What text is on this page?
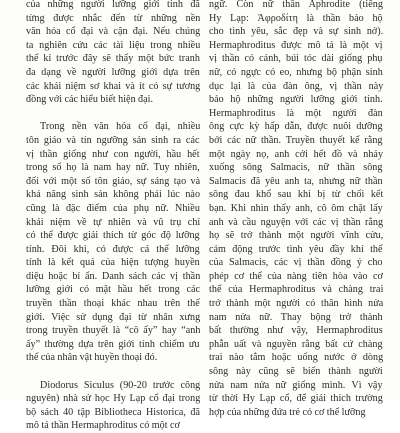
của những người lưỡng giới tính đã
từng được nhắc đến từ những nền
văn hóa cổ đại và cận đại. Nếu chúng
ta nghiên cứu các tài liệu trong nhiều
thế kỉ trước đây sẽ thấy một bức tranh
đa dạng về người lưỡng giới dựa trên
các khái niệm sơ khai và ít có sự tương
đồng với các hiểu biết hiện đại.

Trong nền văn hóa cổ đại, nhiều
tôn giáo và tín ngưỡng sản sinh ra các
vị thần giống như con người, hầu hết
trong số họ là nam hay nữ. Tuy nhiên,
đối với một số tôn giáo, sự sáng tạo và
khả năng sinh sản không phải lúc nào
cũng là đặc điểm của phụ nữ. Nhiều
khái niệm về tự nhiên và vũ trụ chỉ
có thể được giải thích từ góc độ lưỡng
tính. Đôi khi, có được cả thể lưỡng
tính là kết quả của hiện tượng huyền
diệu hoặc bí ẩn. Danh sách các vị thần
lưỡng giới có mặt hầu hết trong các
truyền thần thoại khác nhau trên thế
giới. Việc sử dụng đại từ nhân xưng
trong truyền thuyết là “cô ấy” hay “anh
ấy” thường dựa trên giới tính chiếm ưu
thế của nhân vật huyền thoại đó.

Diodorus Siculus (90-20 trước công
nguyên) nhà sử học Hy Lạp cổ đại trong
bộ sách 40 tập Bibliotheca Historica, đã
mô tả thần Hermaphroditus có một cơ

ngữ. Còn nữ thần Aphrodite (tiếng
Hy Lạp: Ἀφροδίτη là thần bảo hộ
cho tình yêu, sắc đẹp và sự sinh nở).
Hermaphroditus được mô tả là một vị
vị thần có cánh, búi tóc dài giống phụ
nữ, có ngực có eo, nhưng bộ phận sinh
dục lại là của đàn ông, vị thần này
bảo hộ những người lưỡng giới tính.
Hermaphroditus là một người đàn
ông cực kỳ hấp dẫn, được nuôi dưỡng
bởi các nữ thần. Truyền thuyết kể rằng
một ngày nọ, anh cởi hết đồ và nhảy
xuống sông Salmacis, nữ thần sông
Salmacis đã yêu anh ta, nhưng nữ thần
sông đau khổ sau khi bị từ chối kết
bạn. Khi nhìn thấy anh, cô ôm chặt lấy
anh và cầu nguyện với các vị thần rằng
họ sẽ trở thành một người vĩnh cửu,
cảm động trước tình yêu đầy khí thế
của Salmacis, các vị thần đồng ý cho
phép cơ thể của nàng tiên hòa vào cơ
thể của Hermaphroditus và chàng trai
trở thành một người có thân hình nửa
nam nửa nữ. Thay bộng trở thành
bất thường như vậy, Hermaphroditus
phẫn uất và nguyền rằng bất cứ chàng
trai nào tắm hoặc uống nước ở dòng
sông này cũng sẽ biến thành người
nửa nam nửa nữ giống mình. Vì vậy
từ thời Hy Lạp cổ, để giải thích trường
hợp của những đứa trẻ có cơ thể lưỡng
